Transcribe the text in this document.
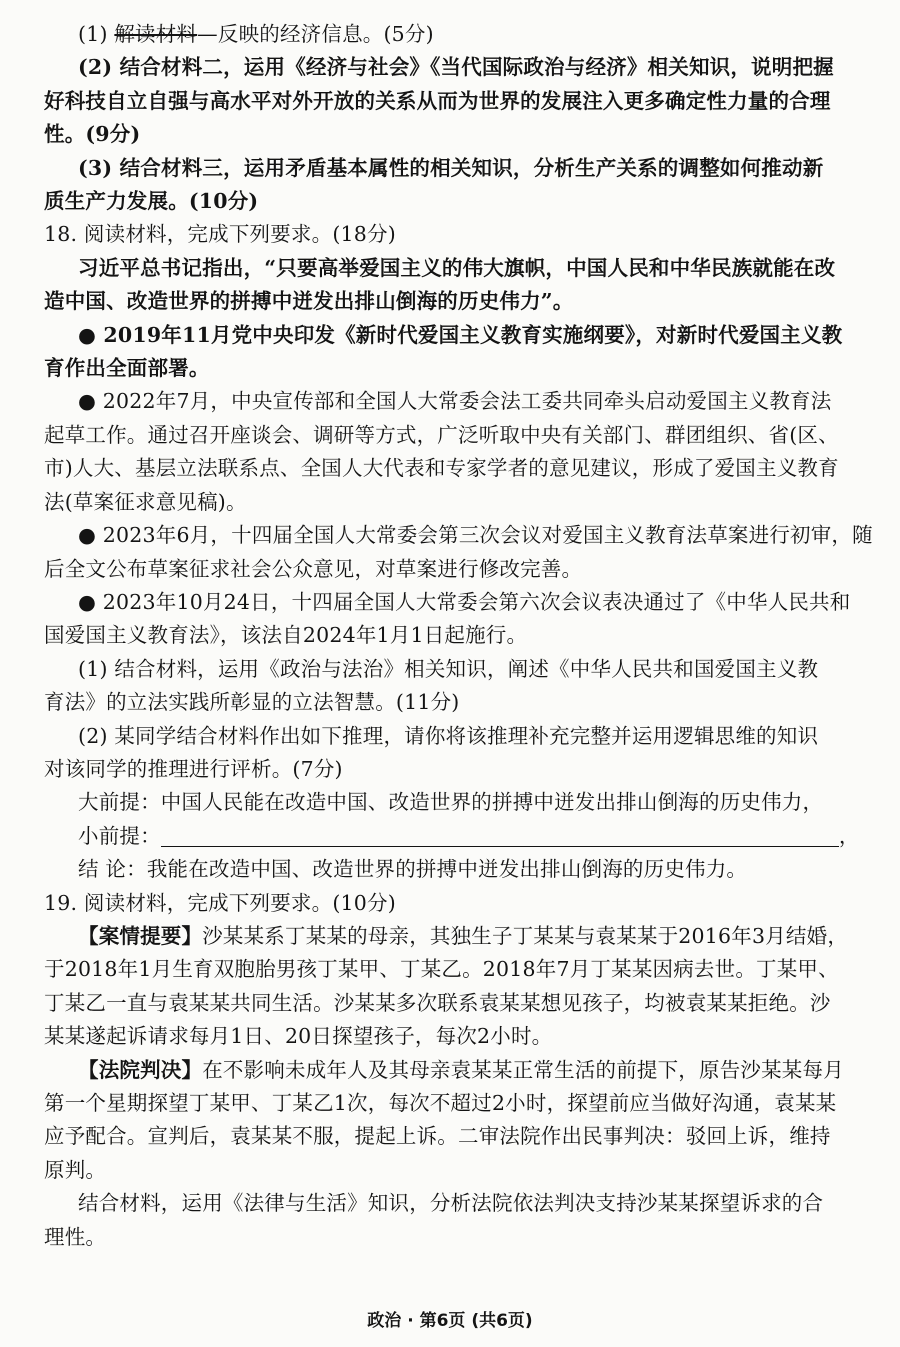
(1) 解读材料—反映的经济信息。(5分)
(2) 结合材料二，运用《经济与社会》《当代国际政治与经济》相关知识，说明把握
好科技自立自强与高水平对外开放的关系从而为世界的发展注入更多确定性力量的合理
性。(9分)
(3) 结合材料三，运用矛盾基本属性的相关知识，分析生产关系的调整如何推动新
质生产力发展。(10分)
18. 阅读材料，完成下列要求。(18分)
习近平总书记指出，“只要高举爱国主义的伟大旗帜，中国人民和中华民族就能在改
造中国、改造世界的拼搏中迸发出排山倒海的历史伟力”。
● 2019年11月党中央印发《新时代爱国主义教育实施纲要》，对新时代爱国主义教
育作出全面部署。
● 2022年7月，中央宣传部和全国人大常委会法工委共同牵头启动爱国主义教育法
起草工作。通过召开座谈会、调研等方式，广泛听取中央有关部门、群团组织、省(区、
市)人大、基层立法联系点、全国人大代表和专家学者的意见建议，形成了爱国主义教育
法(草案征求意见稿)。
● 2023年6月，十四届全国人大常委会第三次会议对爱国主义教育法草案进行初审，随
后全文公布草案征求社会公众意见，对草案进行修改完善。
● 2023年10月24日，十四届全国人大常委会第六次会议表决通过了《中华人民共和
国爱国主义教育法》，该法自2024年1月1日起施行。
(1) 结合材料，运用《政治与法治》相关知识，阐述《中华人民共和国爱国主义教
育法》的立法实践所彰显的立法智慧。(11分)
(2) 某同学结合材料作出如下推理，请你将该推理补充完整并运用逻辑思维的知识
对该同学的推理进行评析。(7分)
大前提：中国人民能在改造中国、改造世界的拼搏中迸发出排山倒海的历史伟力，
小前提：	，
结 论：我能在改造中国、改造世界的拼搏中迸发出排山倒海的历史伟力。
19. 阅读材料，完成下列要求。(10分)
【案情提要】沙某某系丁某某的母亲，其独生子丁某某与袁某某于2016年3月结婚，
于2018年1月生育双胞胎男孩丁某甲、丁某乙。2018年7月丁某某因病去世。丁某甲、
丁某乙一直与袁某某共同生活。沙某某多次联系袁某某想见孩子，均被袁某某拒绝。沙
某某遂起诉请求每月1日、20日探望孩子，每次2小时。
【法院判决】在不影响未成年人及其母亲袁某某正常生活的前提下，原告沙某某每月
第一个星期探望丁某甲、丁某乙1次，每次不超过2小时，探望前应当做好沟通，袁某某
应予配合。宣判后，袁某某不服，提起上诉。二审法院作出民事判决：驳回上诉，维持
原判。
结合材料，运用《法律与生活》知识，分析法院依法判决支持沙某某探望诉求的合
理性。
政治 · 第6页 (共6页)
